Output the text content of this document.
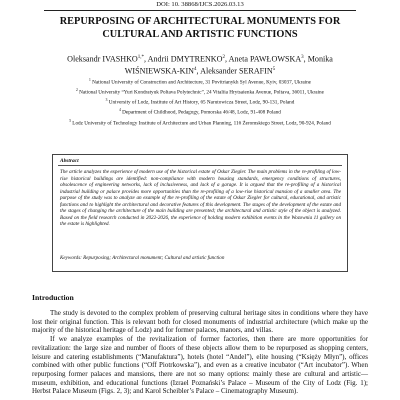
DOI: 10. 38868/IJCS.2026.03.13
REPURPOSING OF ARCHITECTURAL MONUMENTS FOR
CULTURAL AND ARTISTIC FUNCTIONS

Oleksandr $IVASHKO^{1,*}$, Andrii DMYTRENKO$^2$, Aneta PAWŁOWSKA$^3$, Monika
WIŚNIEWSKA-KIN$^4$, Aleksander SERAFIN$^5$

$^1$ National University of Construction and Architecture, 31 Povitrianykh Syl Avenue, Kyiv, 03037, Ukraine

$^2$ National University “Yuri Kondratyuk Poltava Polytechnic”, 24 Vitaliia Hrytsaienka Avenue, Poltava, 36011, Ukraine

$^3$ University of Lodz, Institute of Art History, 65 Narutowicza Street, Lodz, 90-131, Poland

$^4$ Department of Childhood, Pedagogy, Pomorska 46/48, Lodz, 91-408 Poland

$^5$ Lodz University of Technology Institute of Architecture and Urban Planning, 116 Żeromskiego Street, Lodz, 90-924, Poland

Abstract

The article analyzes the experience of modern use of the historical estate of Oskar Ziegler. The main problems in the re-profiling of low-rise historical buildings are identified: non-compliance with modern housing standards, emergency conditions of structures, obsolescence of engineering networks, lack of inclusiveness, and lack of a garage. It is argued that the re-profiling of a historical industrial building or palace provides more opportunities than the re-profiling of a low-rise historical mansion of a smaller area. The purpose of the study was to analyze an example of the re-profiling of the estate of Oskar Ziegler for cultural, educational, and artistic functions and to highlight the architectural and decorative features of this development. The stages of the development of the estate and the stages of changing the architecture of the main building are presented; the architectural and artistic style of the object is analyzed. Based on the field research conducted in 2022-2026, the experience of holding modern exhibition events in the Wozownia 11 gallery on the estate is highlighted.

Keywords: Repurposing; Architectural monument; Cultural and artistic function

Introduction

The study is devoted to the complex problem of preserving cultural heritage sites in conditions where they have lost their original function. This is relevant both for closed monuments of industrial architecture (which make up the majority of the historical heritage of Lodz) and for former palaces, manors, and villas.

If we analyze examples of the revitalization of former factories, then there are more opportunities for revitalization: the large size and number of floors of these objects allow them to be repurposed as shopping centers, leisure and catering establishments (“Manufaktura”), hotels (hotel “Andel”), elite housing (“Księży Młyn”), offices combined with other public functions (“Off Piotrkowska”), and even as a creative incubator (“Art incubator”). When repurposing former palaces and mansions, there are not so many options: mainly these are cultural and artistic—museum, exhibition, and educational functions (Izrael Poznański’s Palace – Museum of the City of Lodz (Fig. 1); Herbst Palace Museum (Figs. 2, 3); and Karol Scheibler’s Palace – Cinematography Museum).
